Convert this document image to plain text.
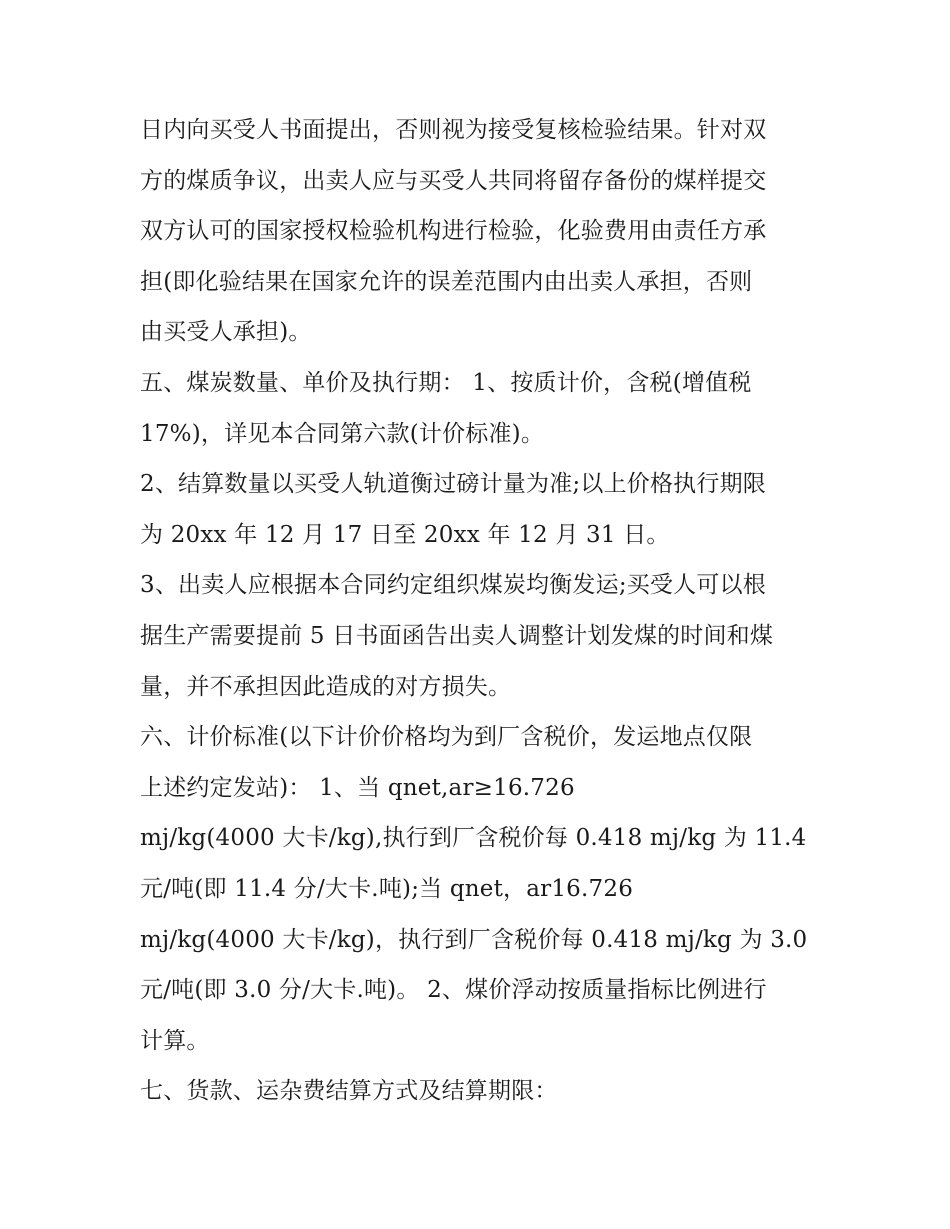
日内向买受人书面提出，否则视为接受复核检验结果。针对双
方的煤质争议，出卖人应与买受人共同将留存备份的煤样提交
双方认可的国家授权检验机构进行检验，化验费用由责任方承
担(即化验结果在国家允许的误差范围内由出卖人承担，否则
由买受人承担)。
五、煤炭数量、单价及执行期： 1、按质计价，含税(增值税
17%)，详见本合同第六款(计价标准)。
2、结算数量以买受人轨道衡过磅计量为准;以上价格执行期限
为 20xx 年 12 月 17 日至 20xx 年 12 月 31 日。
3、出卖人应根据本合同约定组织煤炭均衡发运;买受人可以根
据生产需要提前 5 日书面函告出卖人调整计划发煤的时间和煤
量，并不承担因此造成的对方损失。
六、计价标准(以下计价价格均为到厂含税价，发运地点仅限
上述约定发站)： 1、当 qnet,ar≥16.726
mj/kg(4000 大卡/kg),执行到厂含税价每 0.418 mj/kg 为 11.4
元/吨(即 11.4 分/大卡.吨);当 qnet，ar16.726
mj/kg(4000 大卡/kg)，执行到厂含税价每 0.418 mj/kg 为 3.0
元/吨(即 3.0 分/大卡.吨)。 2、煤价浮动按质量指标比例进行
计算。
七、货款、运杂费结算方式及结算期限：
